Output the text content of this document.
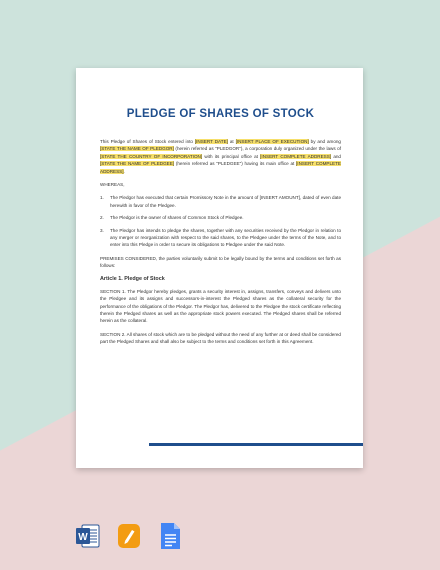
PLEDGE OF SHARES OF STOCK

This Pledge of Shares of Stock entered into [INSERT DATE] at [INSERT PLACE OF EXECUTION] by and among [STATE THE NAME OF PLEDGOR] (herein referred as "PLEDGOR"), a corporation duly organized under the laws of [STATE THE COUNTRY OF INCORPORATION] with its principal office at [INSERT COMPLETE ADDRESS] and [STATE THE NAME OF PLEDGEE] (herein referred as "PLEDGEE") having its main office at [INSERT COMPLETE ADDRESS].

WHEREAS,

1.	The Pledgor has executed that certain Promissory Note in the amount of [INSERT AMOUNT], dated of even date herewith in favor of the Pledgee.
2.	The Pledgor is the owner of shares of Common Stock of Pledgee.
3.	The Pledgor has intends to pledge the shares, together with any securities received by the Pledgor in relation to any merger or reorganization with respect to the said shares, to the Pledgee under the terms of the Note, and to enter into this Pledge in order to secure its obligations to Pledgee under the said Note.

PREMISES CONSIDERED, the parties voluntarily submit to be legally bound by the terms and conditions set forth as follows:

Article 1. Pledge of Stock

SECTION 1. The Pledgor hereby pledges, grants a security interest in, assigns, transfers, conveys and delivers unto the Pledgee and its assigns and successors-in-interest the Pledged shares as the collateral security for the performance of the obligations of the Pledgor. The Pledgor has, delivered to the Pledgee the stock certificate reflecting therein the Pledged shares as well as the appropriate stock powers executed. The Pledged shares shall be referred herein as the collateral.

SECTION 2. All shares of stock which are to be pledged without the need of any further at or deed shall be considered part the Pledged Shares and shall also be subject to the terms and conditions set forth in this Agreement.

W
